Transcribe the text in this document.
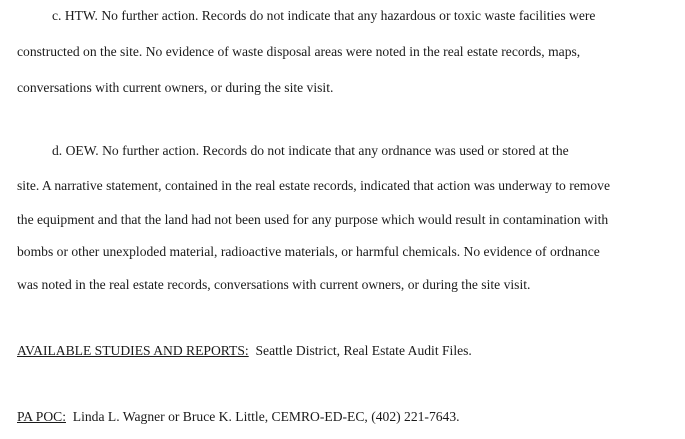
c. HTW. No further action. Records do not indicate that any hazardous or toxic waste facilities were
constructed on the site. No evidence of waste disposal areas were noted in the real estate records, maps,
conversations with current owners, or during the site visit.
d. OEW. No further action. Records do not indicate that any ordnance was used or stored at the
site. A narrative statement, contained in the real estate records, indicated that action was underway to remove
the equipment and that the land had not been used for any purpose which would result in contamination with
bombs or other unexploded material, radioactive materials, or harmful chemicals. No evidence of ordnance
was noted in the real estate records, conversations with current owners, or during the site visit.
AVAILABLE STUDIES AND REPORTS: Seattle District, Real Estate Audit Files.
PA POC: Linda L. Wagner or Bruce K. Little, CEMRO-ED-EC, (402) 221-7643.
